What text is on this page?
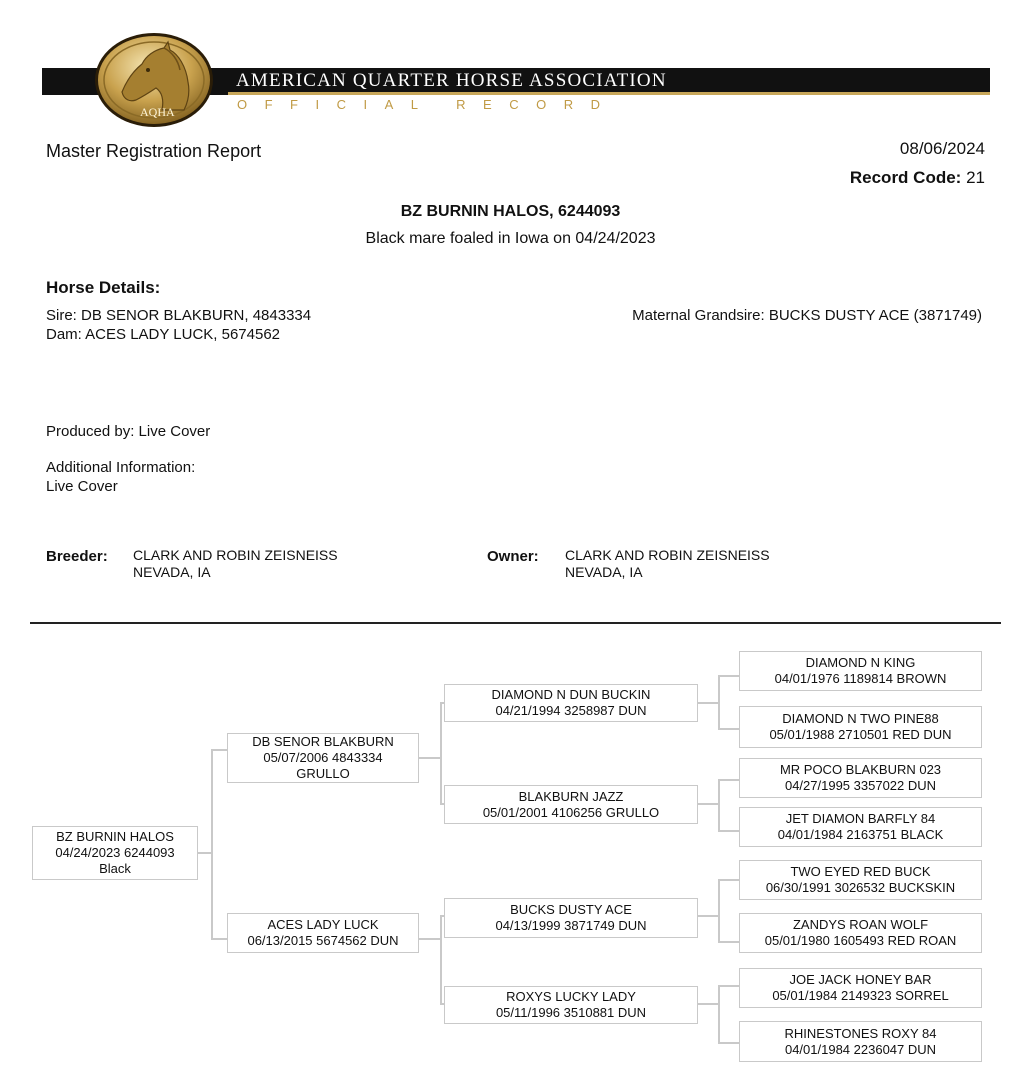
AQHA
AMERICAN QUARTER HORSE ASSOCIATION
OFFICIAL RECORD
Master Registration Report	08/06/2024
Record Code: 21
BZ BURNIN HALOS, 6244093
Black mare foaled in Iowa on 04/24/2023
Horse Details:
Sire: DB SENOR BLAKBURN, 4843334
Dam: ACES LADY LUCK, 5674562
Maternal Grandsire: BUCKS DUSTY ACE (3871749)
Produced by: Live Cover
Additional Information:
Live Cover
Breeder: CLARK AND ROBIN ZEISNEISS
NEVADA, IA
Owner: CLARK AND ROBIN ZEISNEISS
NEVADA, IA
BZ BURNIN HALOS
04/24/2023 6244093
Black
DB SENOR BLAKBURN
05/07/2006 4843334
GRULLO
ACES LADY LUCK
06/13/2015 5674562 DUN
DIAMOND N DUN BUCKIN
04/21/1994 3258987 DUN
BLAKBURN JAZZ
05/01/2001 4106256 GRULLO
BUCKS DUSTY ACE
04/13/1999 3871749 DUN
ROXYS LUCKY LADY
05/11/1996 3510881 DUN
DIAMOND N KING
04/01/1976 1189814 BROWN
DIAMOND N TWO PINE88
05/01/1988 2710501 RED DUN
MR POCO BLAKBURN 023
04/27/1995 3357022 DUN
JET DIAMON BARFLY 84
04/01/1984 2163751 BLACK
TWO EYED RED BUCK
06/30/1991 3026532 BUCKSKIN
ZANDYS ROAN WOLF
05/01/1980 1605493 RED ROAN
JOE JACK HONEY BAR
05/01/1984 2149323 SORREL
RHINESTONES ROXY 84
04/01/1984 2236047 DUN
